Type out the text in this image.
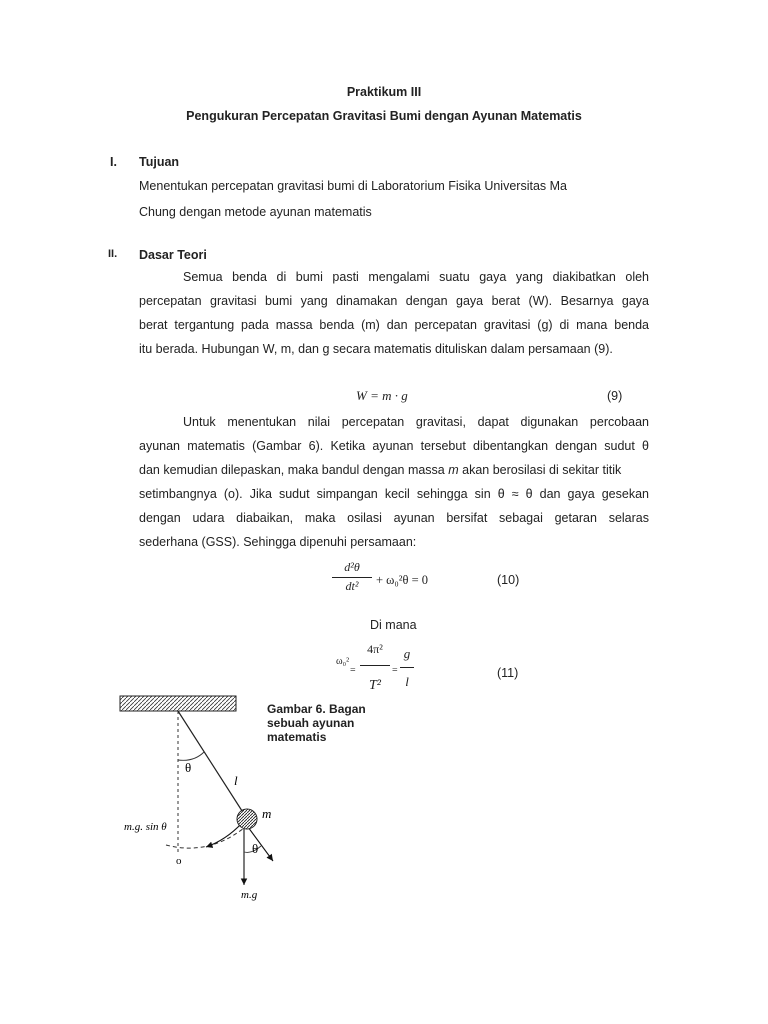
Praktikum III
Pengukuran Percepatan Gravitasi Bumi dengan Ayunan Matematis
I. Tujuan
Menentukan percepatan gravitasi bumi di Laboratorium Fisika Universitas Ma
Chung dengan metode ayunan matematis
II. Dasar Teori
Semua benda di bumi pasti mengalami suatu gaya yang diakibatkan oleh
percepatan gravitasi bumi yang dinamakan dengan gaya berat (W). Besarnya gaya
berat tergantung pada massa benda (m) dan percepatan gravitasi (g) di mana benda
itu berada. Hubungan W, m, dan g secara matematis dituliskan dalam persamaan (9).
W = m · g	(9)
Untuk menentukan nilai percepatan gravitasi, dapat digunakan percobaan
ayunan matematis (Gambar 6). Ketika ayunan tersebut dibentangkan dengan sudut θ
dan kemudian dilepaskan, maka bandul dengan massa m akan berosilasi di sekitar titik
setimbangnya (o). Jika sudut simpangan kecil sehingga sin θ ≈ θ dan gaya gesekan
dengan udara diabaikan, maka osilasi ayunan bersifat sebagai getaran selaras
sederhana (GSS). Sehingga dipenuhi persamaan:
d²θ
dt²	+ ω₀²θ = 0	(10)
Di mana
ω₀²
=
4π²
T²
=
g
l
(11)
Gambar 6. Bagan sebuah ayunan matematis
θ
l
θ
m
m.g. sin θ
o
m.g
